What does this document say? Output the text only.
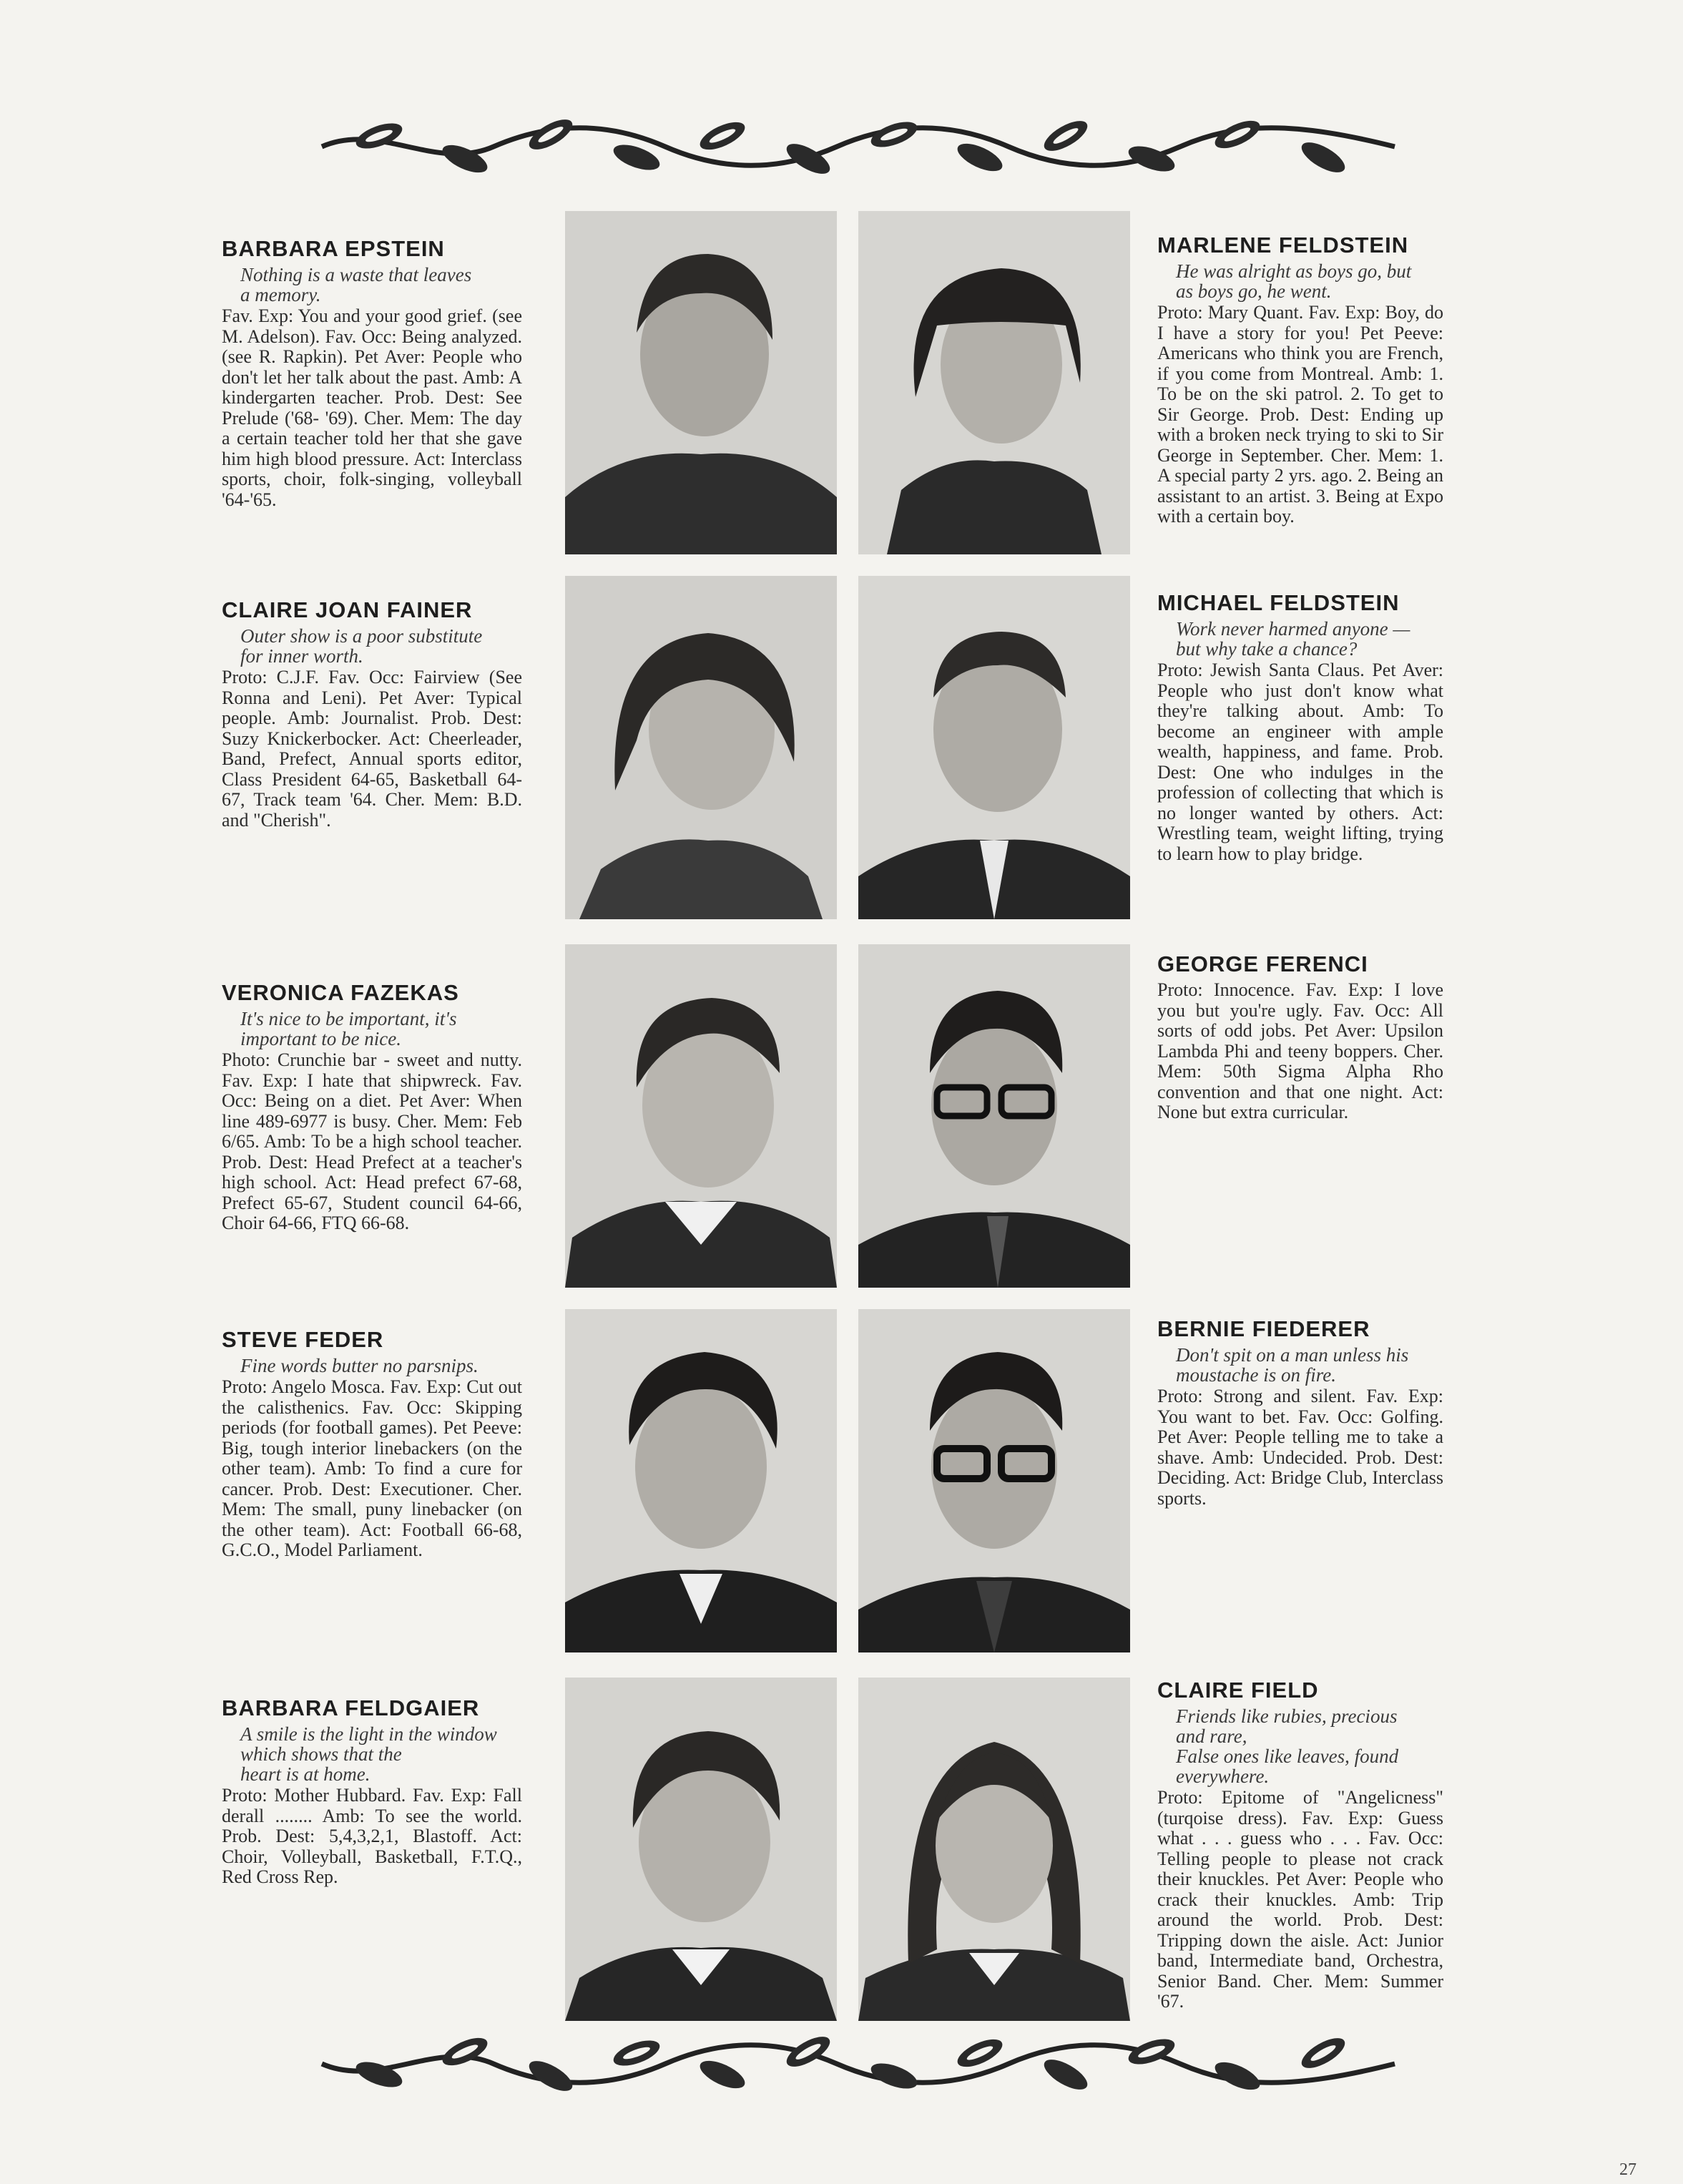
BARBARA EPSTEIN
Nothing is a waste that leaves
a memory.
Fav. Exp: You and your good grief. (see M. Adelson). Fav. Occ: Being analyzed. (see R. Rapkin). Pet Aver: People who don't let her talk about the past. Amb: A kindergarten teacher. Prob. Dest: See Prelude ('68- '69). Cher. Mem: The day a certain teacher told her that she gave him high blood pressure. Act: Interclass sports, choir, folk-singing, volleyball '64-'65.
MARLENE FELDSTEIN
He was alright as boys go, but
as boys go, he went.
Proto: Mary Quant. Fav. Exp: Boy, do I have a story for you! Pet Peeve: Americans who think you are French, if you come from Montreal. Amb: 1. To be on the ski patrol. 2. To get to Sir George. Prob. Dest: Ending up with a broken neck trying to ski to Sir George in September. Cher. Mem: 1. A special party 2 yrs. ago. 2. Being an assistant to an artist. 3. Being at Expo with a certain boy.
CLAIRE JOAN FAINER
Outer show is a poor substitute
for inner worth.
Proto: C.J.F. Fav. Occ: Fairview (See Ronna and Leni). Pet Aver: Typical people. Amb: Journalist. Prob. Dest: Suzy Knickerbocker. Act: Cheerleader, Band, Prefect, Annual sports editor, Class President 64-65, Basketball 64-67, Track team '64. Cher. Mem: B.D. and "Cherish".
MICHAEL FELDSTEIN
Work never harmed anyone —
but why take a chance?
Proto: Jewish Santa Claus. Pet Aver: People who just don't know what they're talking about. Amb: To become an engineer with ample wealth, happiness, and fame. Prob. Dest: One who indulges in the profession of collecting that which is no longer wanted by others. Act: Wrestling team, weight lifting, trying to learn how to play bridge.
VERONICA FAZEKAS
It's nice to be important, it's
important to be nice.
Photo: Crunchie bar - sweet and nutty. Fav. Exp: I hate that shipwreck. Fav. Occ: Being on a diet. Pet Aver: When line 489-6977 is busy. Cher. Mem: Feb 6/65. Amb: To be a high school teacher. Prob. Dest: Head Prefect at a teacher's high school. Act: Head prefect 67-68, Prefect 65-67, Student council 64-66, Choir 64-66, FTQ 66-68.
GEORGE FERENCI
Proto: Innocence. Fav. Exp: I love you but you're ugly. Fav. Occ: All sorts of odd jobs. Pet Aver: Upsilon Lambda Phi and teeny boppers. Cher. Mem: 50th Sigma Alpha Rho convention and that one night. Act: None but extra curricular.
STEVE FEDER
Fine words butter no parsnips.
Proto: Angelo Mosca. Fav. Exp: Cut out the calisthenics. Fav. Occ: Skipping periods (for football games). Pet Peeve: Big, tough interior linebackers (on the other team). Amb: To find a cure for cancer. Prob. Dest: Executioner. Cher. Mem: The small, puny linebacker (on the other team). Act: Football 66-68, G.C.O., Model Parliament.
BERNIE FIEDERER
Don't spit on a man unless his
moustache is on fire.
Proto: Strong and silent. Fav. Exp: You want to bet. Fav. Occ: Golfing. Pet Aver: People telling me to take a shave. Amb: Undecided. Prob. Dest: Deciding. Act: Bridge Club, Interclass sports.
BARBARA FELDGAIER
A smile is the light in the window which shows that the
heart is at home.
Proto: Mother Hubbard. Fav. Exp: Fall derall ........ Amb: To see the world. Prob. Dest: 5,4,3,2,1, Blastoff. Act: Choir, Volleyball, Basketball, F.T.Q., Red Cross Rep.
CLAIRE FIELD
Friends like rubies, precious
and rare,
False ones like leaves, found
everywhere.
Proto: Epitome of "Angelicness" (turqoise dress). Fav. Exp: Guess what . . . guess who . . . Fav. Occ: Telling people to please not crack their knuckles. Pet Aver: People who crack their knuckles. Amb: Trip around the world. Prob. Dest: Tripping down the aisle. Act: Junior band, Intermediate band, Orchestra, Senior Band. Cher. Mem: Summer '67.
27
